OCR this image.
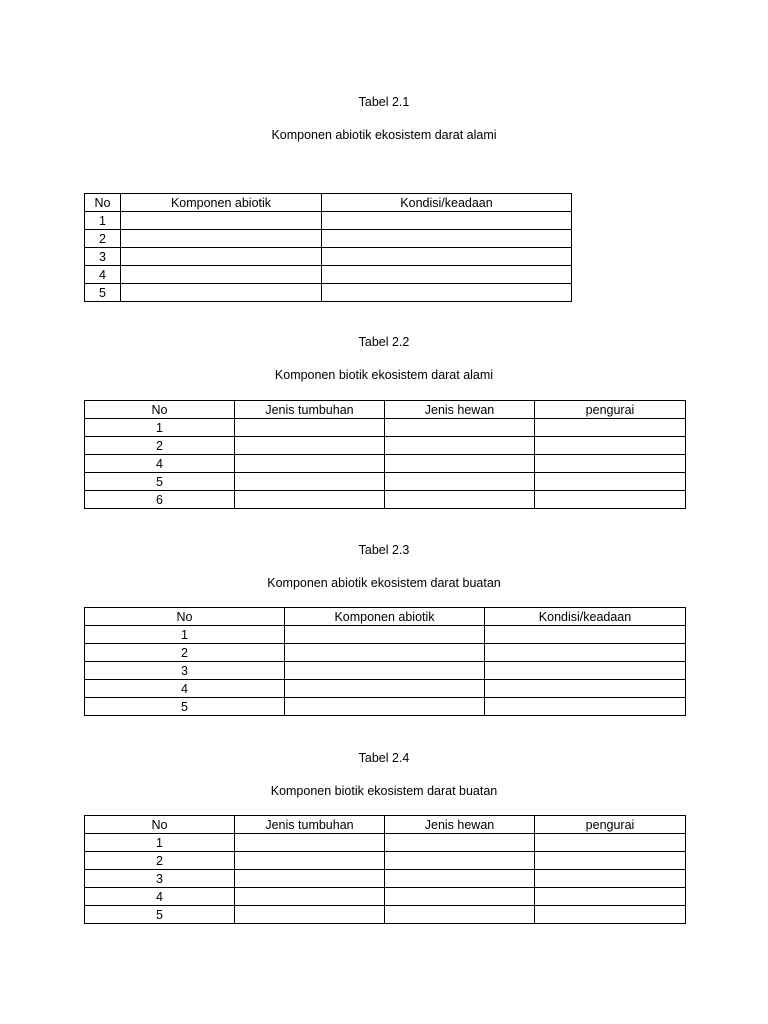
Tabel 2.1

Komponen abiotik ekosistem darat alami

No	Komponen abiotik	Kondisi/keadaan
1		
2		
3		
4		
5		

Tabel 2.2

Komponen biotik ekosistem darat alami

No	Jenis tumbuhan	Jenis hewan	pengurai
1			
2			
4			
5			
6			

Tabel 2.3

Komponen abiotik ekosistem darat buatan

No	Komponen abiotik	Kondisi/keadaan
1		
2		
3		
4		
5		

Tabel 2.4

Komponen biotik ekosistem darat buatan

No	Jenis tumbuhan	Jenis hewan	pengurai
1			
2			
3			
4			
5			
